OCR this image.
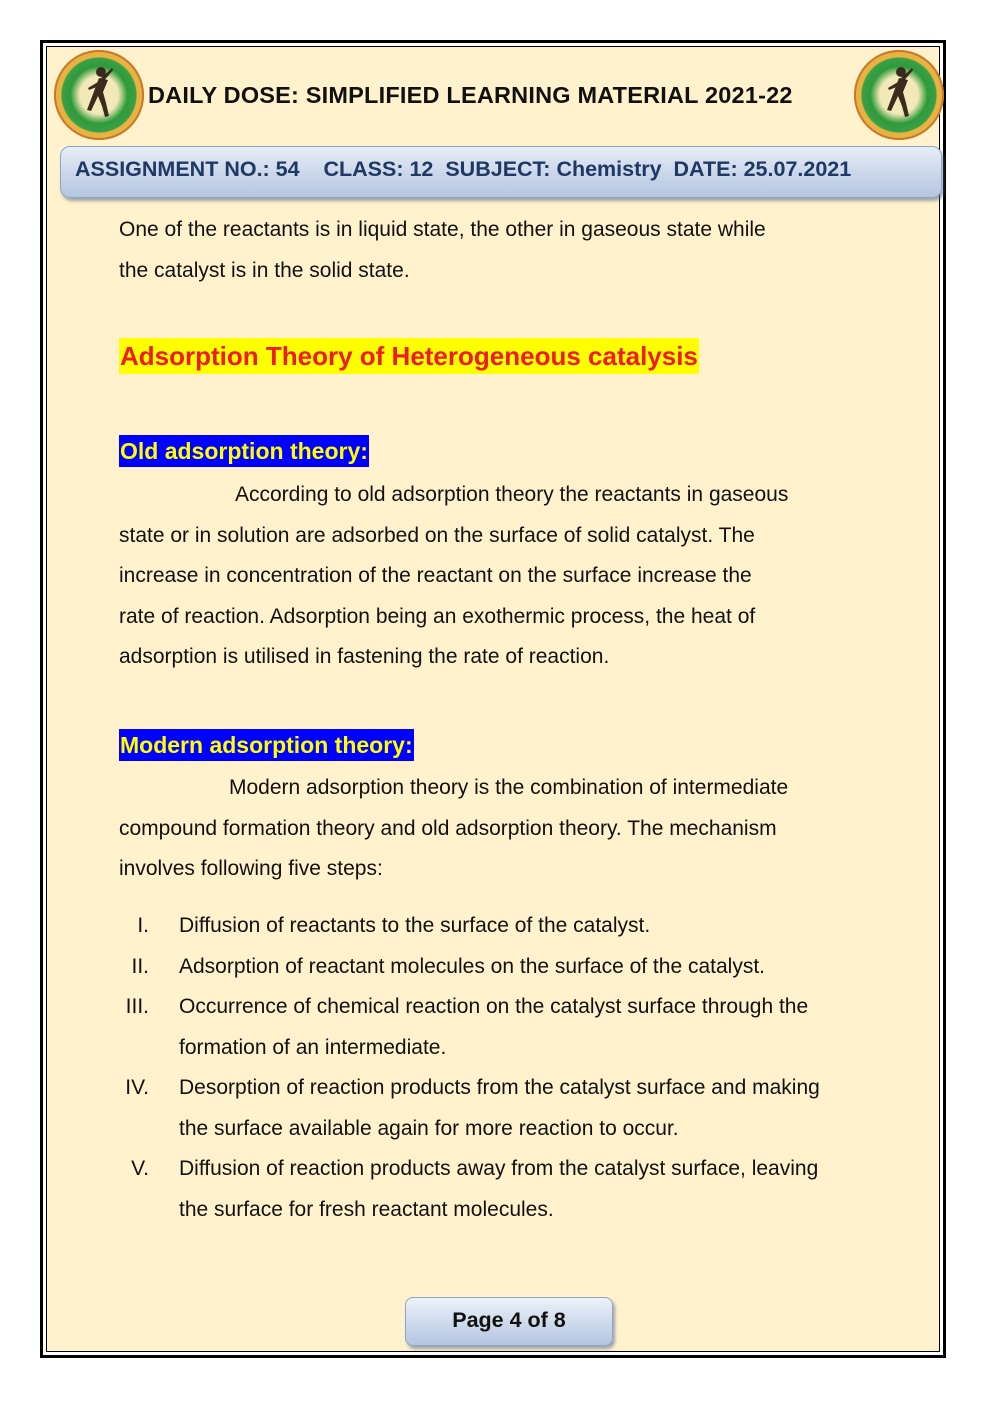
DAILY DOSE: SIMPLIFIED LEARNING MATERIAL 2021-22
ASSIGNMENT NO.: 54    CLASS: 12  SUBJECT: Chemistry  DATE: 25.07.2021

One of the reactants is in liquid state, the other in gaseous state while
the catalyst is in the solid state.

Adsorption Theory of Heterogeneous catalysis
Old adsorption theory:

According to old adsorption theory the reactants in gaseous
state or in solution are adsorbed on the surface of solid catalyst. The
increase in concentration of the reactant on the surface increase the
rate of reaction. Adsorption being an exothermic process, the heat of
adsorption is utilised in fastening the rate of reaction.

Modern adsorption theory:

Modern adsorption theory is the combination of intermediate
compound formation theory and old adsorption theory. The mechanism
involves following five steps:

I. Diffusion of reactants to the surface of the catalyst.
II. Adsorption of reactant molecules on the surface of the catalyst.
III. Occurrence of chemical reaction on the catalyst surface through the
formation of an intermediate.
IV. Desorption of reaction products from the catalyst surface and making
the surface available again for more reaction to occur.
V. Diffusion of reaction products away from the catalyst surface, leaving
the surface for fresh reactant molecules.
Page 4 of 8
